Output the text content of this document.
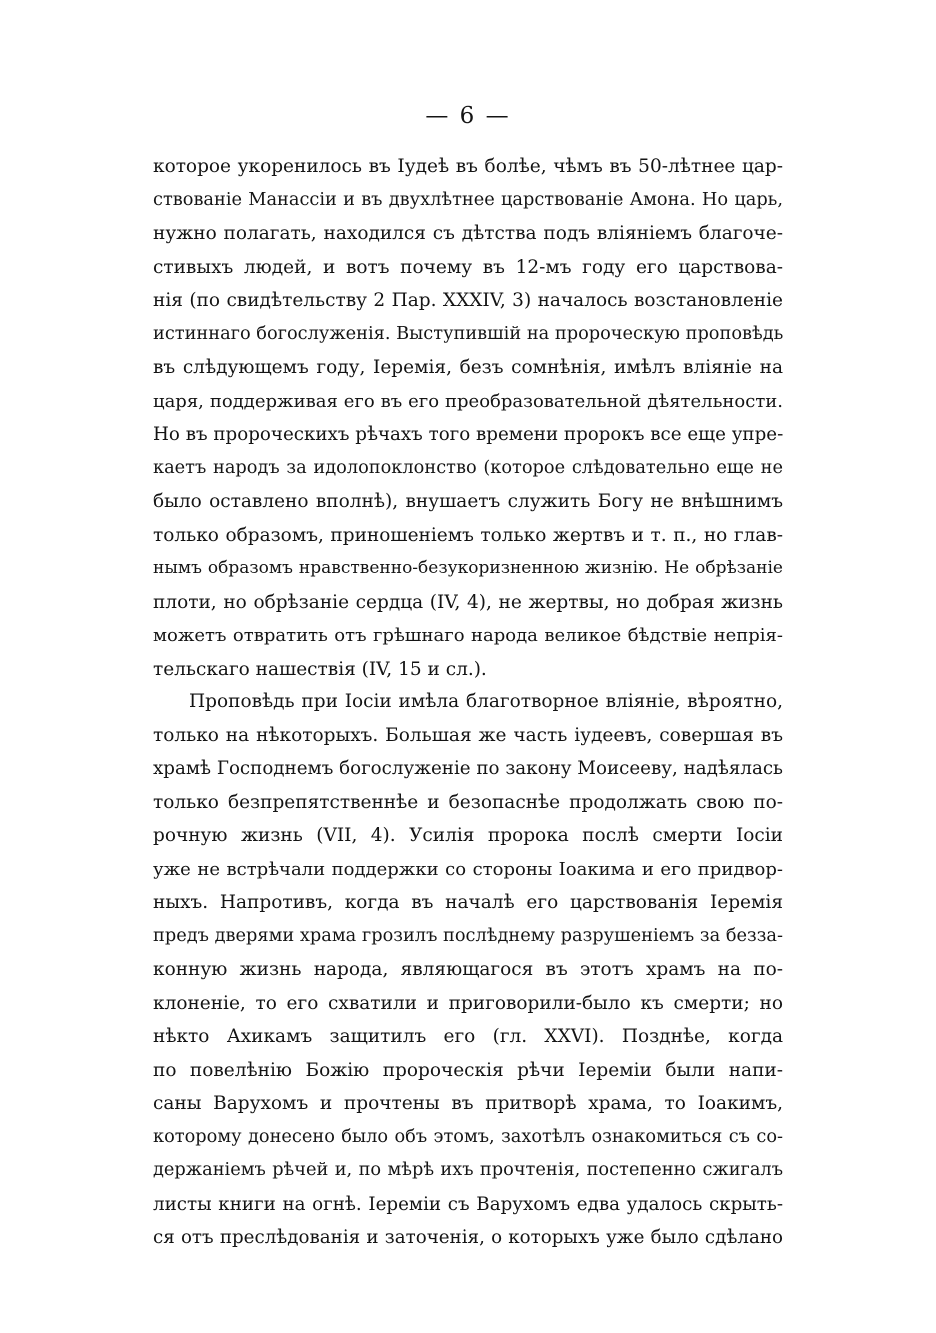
— 6 —
которое укоренилось въ Іудеѣ въ болѣе, чѣмъ въ 50-лѣтнее цар-
ствованіе Манассіи и въ двухлѣтнее царствованіе Амона. Но царь,
нужно полагать, находился съ дѣтства подъ вліяніемъ благоче-
стивыхъ людей, и вотъ почему въ 12-мъ году его царствова-
нія (по свидѣтельству 2 Пар. XXXIV, 3) началось возстановленіе
истиннаго богослуженія. Выступившій на пророческую проповѣдь
въ слѣдующемъ году, Іеремія, безъ сомнѣнія, имѣлъ вліяніе на
царя, поддерживая его въ его преобразовательной дѣятельности.
Но въ пророческихъ рѣчахъ того времени пророкъ все еще упре-
каетъ народъ за идолопоклонство (которое слѣдовательно еще не
было оставлено вполнѣ), внушаетъ служить Богу не внѣшнимъ
только образомъ, приношеніемъ только жертвъ и т. п., но глав-
нымъ образомъ нравственно-безукоризненною жизнію. Не обрѣзаніе
плоти, но обрѣзаніе сердца (IV, 4), не жертвы, но добрая жизнь
можетъ отвратить отъ грѣшнаго народа великое бѣдствіе непрія-
тельскаго нашествія (IV, 15 и сл.).
Проповѣдь при Іосіи имѣла благотворное вліяніе, вѣроятно,
только на нѣкоторыхъ. Большая же часть іудеевъ, совершая въ
храмѣ Господнемъ богослуженіе по закону Моисееву, надѣялась
только безпрепятственнѣе и безопаснѣе продолжать свою по-
рочную жизнь (VII, 4). Усилія пророка послѣ смерти Іосіи
уже не встрѣчали поддержки со стороны Іоакима и его придвор-
ныхъ. Напротивъ, когда въ началѣ его царствованія Іеремія
предъ дверями храма грозилъ послѣднему разрушеніемъ за безза-
конную жизнь народа, являющагося въ этотъ храмъ на по-
клоненіе, то его схватили и приговорили-было къ смерти; но
нѣкто Ахикамъ защитилъ его (гл. XXVI). Позднѣе, когда
по повелѣнію Божію пророческія рѣчи Іереміи были напи-
саны Варухомъ и прочтены въ притворѣ храма, то Іоакимъ,
которому донесено было объ этомъ, захотѣлъ ознакомиться съ со-
держаніемъ рѣчей и, по мѣрѣ ихъ прочтенія, постепенно сжигалъ
листы книги на огнѣ. Іереміи съ Варухомъ едва удалось скрыть-
ся отъ преслѣдованія и заточенія, о которыхъ уже было сдѣлано
